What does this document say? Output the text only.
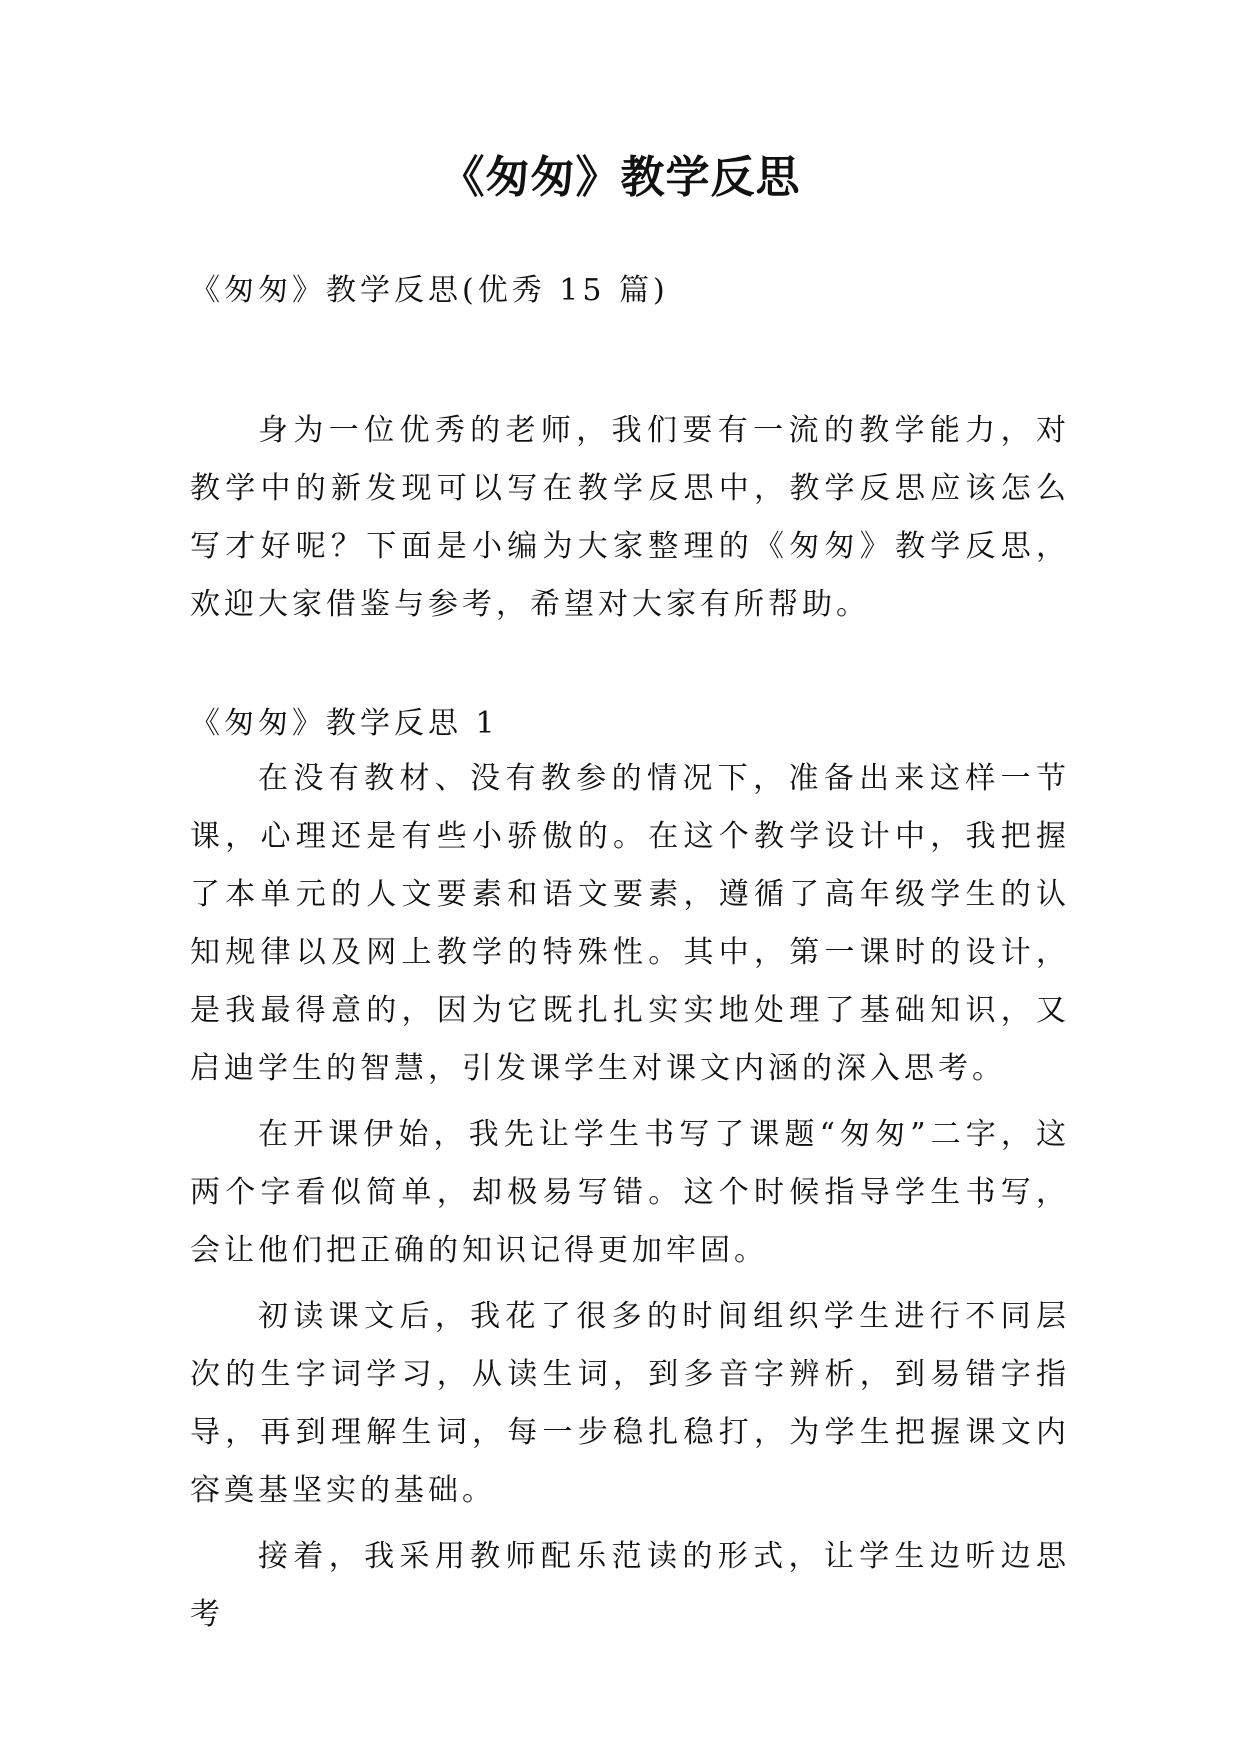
《匆匆》教学反思
《匆匆》教学反思(优秀 15 篇)

身为一位优秀的老师，我们要有一流的教学能力，对教学中的新发现可以写在教学反思中，教学反思应该怎么写才好呢？下面是小编为大家整理的《匆匆》教学反思，欢迎大家借鉴与参考，希望对大家有所帮助。

《匆匆》教学反思 1

在没有教材、没有教参的情况下，准备出来这样一节课，心理还是有些小骄傲的。在这个教学设计中，我把握了本单元的人文要素和语文要素，遵循了高年级学生的认知规律以及网上教学的特殊性。其中，第一课时的设计，是我最得意的，因为它既扎扎实实地处理了基础知识，又启迪学生的智慧，引发课学生对课文内涵的深入思考。

在开课伊始，我先让学生书写了课题“匆匆”二字，这两个字看似简单，却极易写错。这个时候指导学生书写，会让他们把正确的知识记得更加牢固。

初读课文后，我花了很多的时间组织学生进行不同层次的生字词学习，从读生词，到多音字辨析，到易错字指导，再到理解生词，每一步稳扎稳打，为学生把握课文内容奠基坚实的基础。

接着，我采用教师配乐范读的形式，让学生边听边思考
